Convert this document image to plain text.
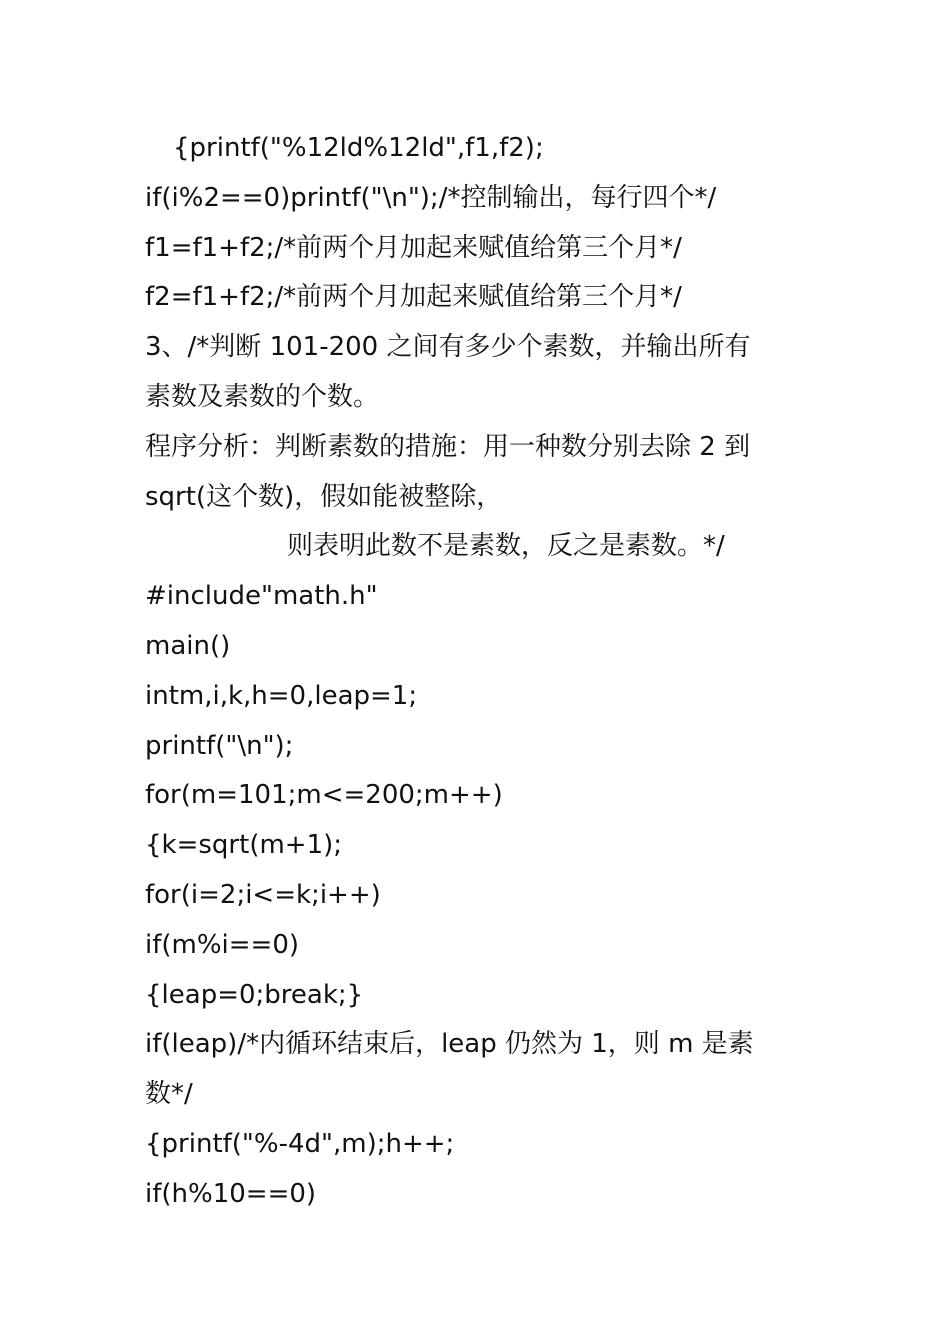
{printf("%12ld%12ld",f1,f2);
if(i%2==0)printf("\n");/*控制输出，每行四个*/
f1=f1+f2;/*前两个月加起来赋值给第三个月*/
f2=f1+f2;/*前两个月加起来赋值给第三个月*/
3、/*判断 101-200 之间有多少个素数，并输出所有
素数及素数的个数。
程序分析：判断素数的措施：用一种数分别去除 2 到
sqrt(这个数)，假如能被整除，
则表明此数不是素数，反之是素数。*/
#include"math.h"
main()
intm,i,k,h=0,leap=1;
printf("\n");
for(m=101;m<=200;m++)
{k=sqrt(m+1);
for(i=2;i<=k;i++)
if(m%i==0)
{leap=0;break;}
if(leap)/*内循环结束后，leap 仍然为 1，则 m 是素
数*/
{printf("%-4d",m);h++;
if(h%10==0)
